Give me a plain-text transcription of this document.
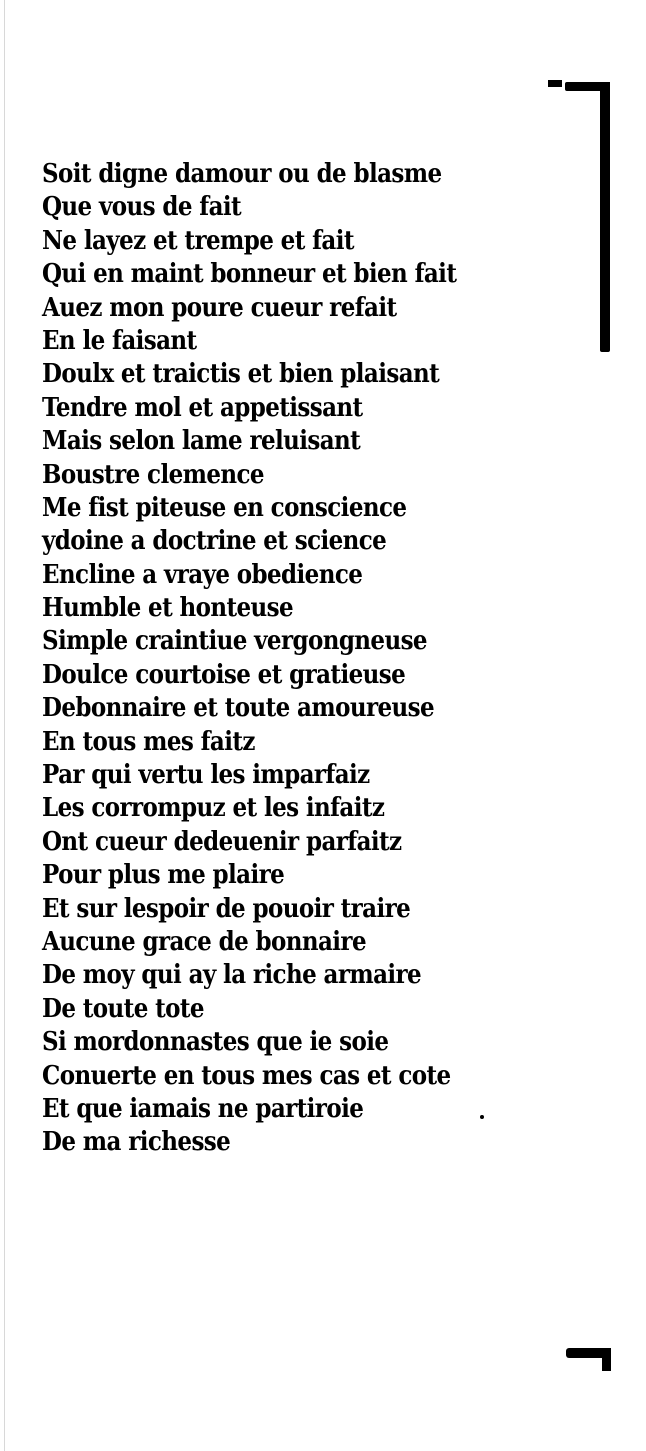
Soit digne damour ou de blasme
Que vous de fait
Ne layez et trempe et fait
Qui en maint bonneur et bien fait
Auez mon poure cueur refait
En le faisant
Doulx et traictis et bien plaisant
Tendre mol et appetissant
Mais selon lame reluisant
Boustre clemence
Me fist piteuse en conscience
ydoine a doctrine et science
Encline a vraye obedience
Humble et honteuse
Simple craintiue vergongneuse
Doulce courtoise et gratieuse
Debonnaire et toute amoureuse
En tous mes faitz
Par qui vertu les imparfaiz
Les corrompuz et les infaitz
Ont cueur dedeuenir parfaitz
Pour plus me plaire
Et sur lespoir de pouoir traire
Aucune grace de bonnaire
De moy qui ay la riche armaire
De toute tote
Si mordonnastes que ie soie
Conuerte en tous mes cas et cote
Et que iamais ne partiroie
De ma richesse
